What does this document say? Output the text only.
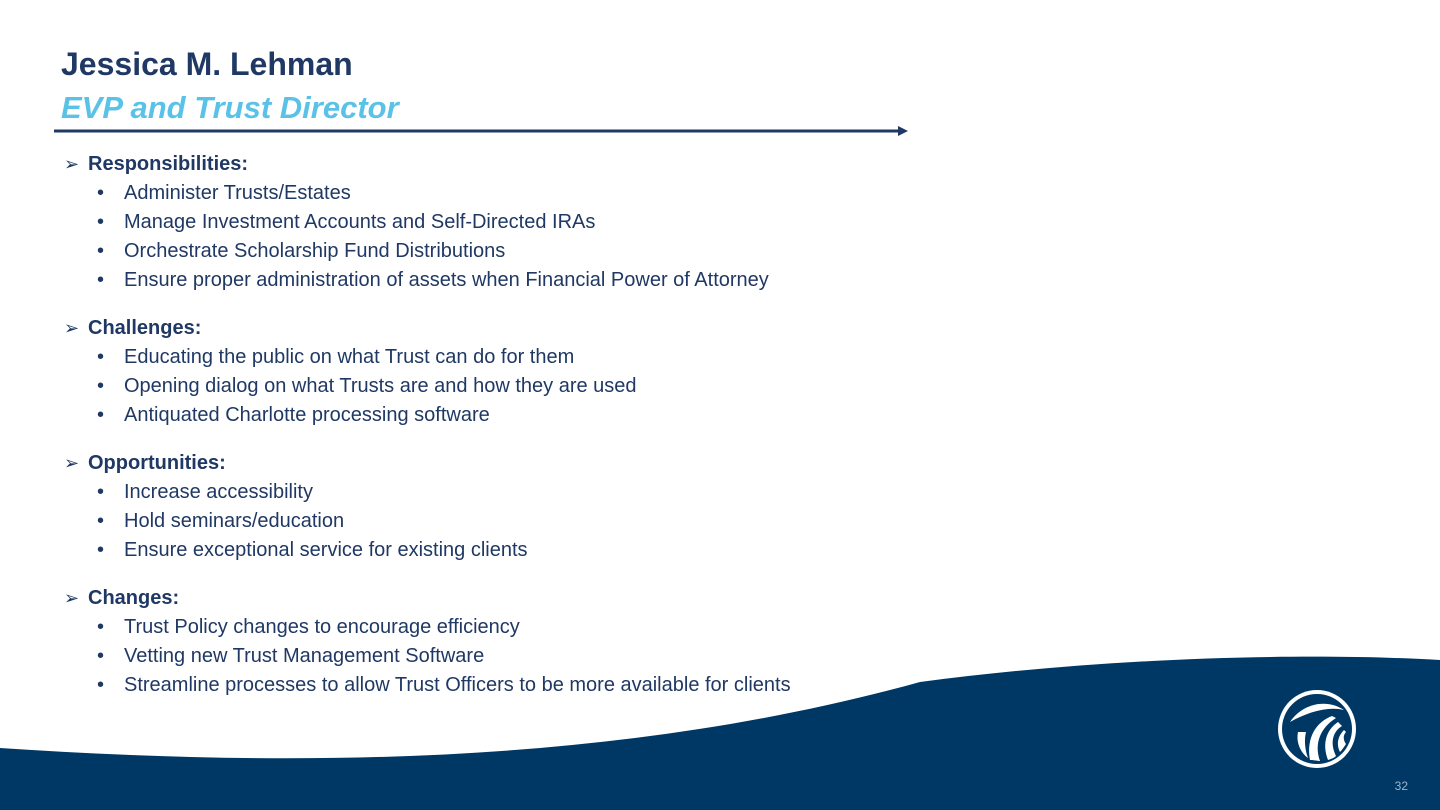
Jessica M. Lehman
EVP and Trust Director
➢ Responsibilities:
• Administer Trusts/Estates
• Manage Investment Accounts and Self-Directed IRAs
• Orchestrate Scholarship Fund Distributions
• Ensure proper administration of assets when Financial Power of Attorney
➢ Challenges:
• Educating the public on what Trust can do for them
• Opening dialog on what Trusts are and how they are used
• Antiquated Charlotte processing software
➢ Opportunities:
• Increase accessibility
• Hold seminars/education
• Ensure exceptional service for existing clients
➢ Changes:
• Trust Policy changes to encourage efficiency
• Vetting new Trust Management Software
• Streamline processes to allow Trust Officers to be more available for clients
32
